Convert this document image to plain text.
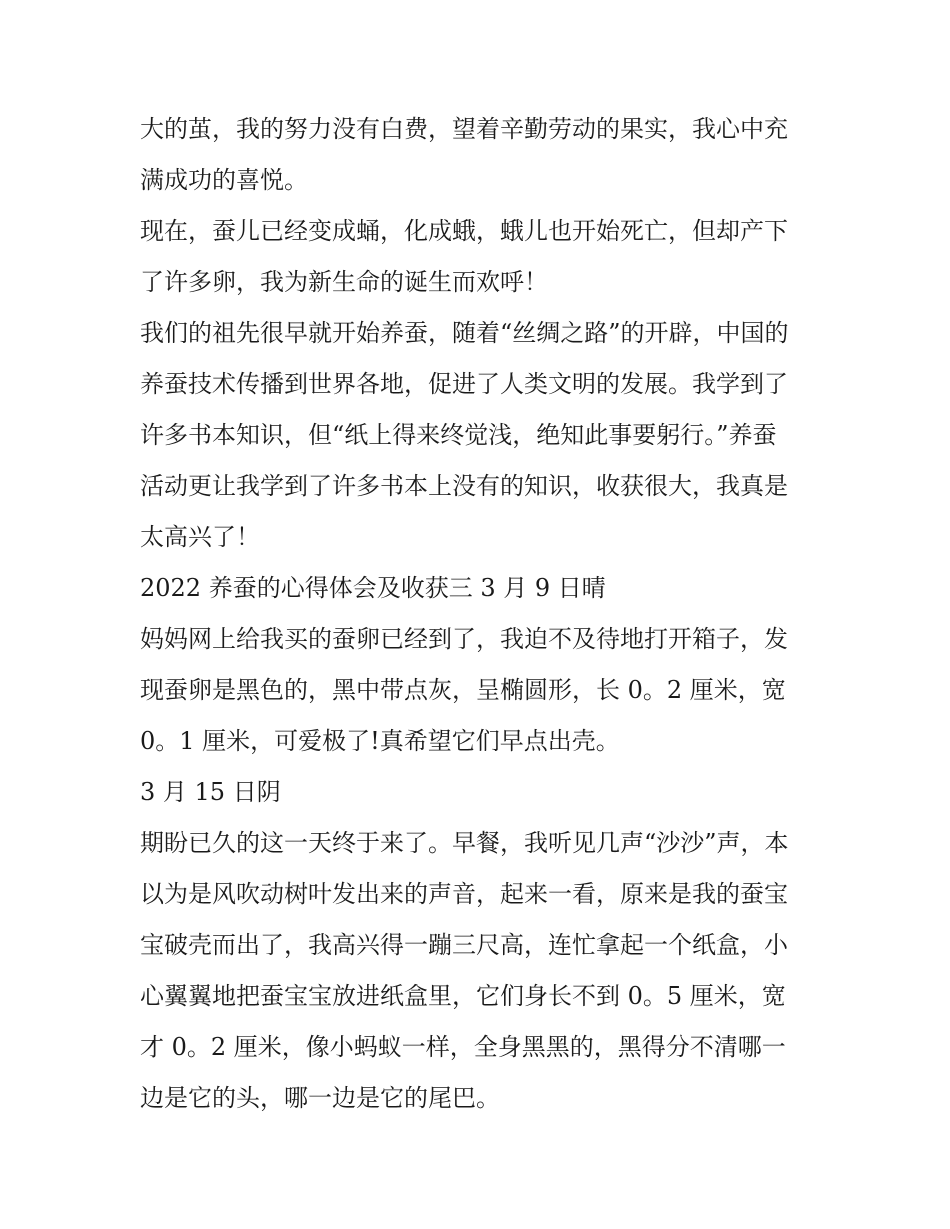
大的茧，我的努力没有白费，望着辛勤劳动的果实，我心中充
满成功的喜悦。
现在，蚕儿已经变成蛹，化成蛾，蛾儿也开始死亡，但却产下
了许多卵，我为新生命的诞生而欢呼！
我们的祖先很早就开始养蚕，随着“丝绸之路”的开辟，中国的
养蚕技术传播到世界各地，促进了人类文明的发展。我学到了
许多书本知识，但“纸上得来终觉浅，绝知此事要躬行。”养蚕
活动更让我学到了许多书本上没有的知识，收获很大，我真是
太高兴了！
2022 养蚕的心得体会及收获三 3 月 9 日晴
妈妈网上给我买的蚕卵已经到了，我迫不及待地打开箱子，发
现蚕卵是黑色的，黑中带点灰，呈椭圆形，长 0。2 厘米，宽
0。1 厘米，可爱极了!真希望它们早点出壳。
3 月 15 日阴
期盼已久的这一天终于来了。早餐，我听见几声“沙沙”声，本
以为是风吹动树叶发出来的声音，起来一看，原来是我的蚕宝
宝破壳而出了，我高兴得一蹦三尺高，连忙拿起一个纸盒，小
心翼翼地把蚕宝宝放进纸盒里，它们身长不到 0。5 厘米，宽
才 0。2 厘米，像小蚂蚁一样，全身黑黑的，黑得分不清哪一
边是它的头，哪一边是它的尾巴。
